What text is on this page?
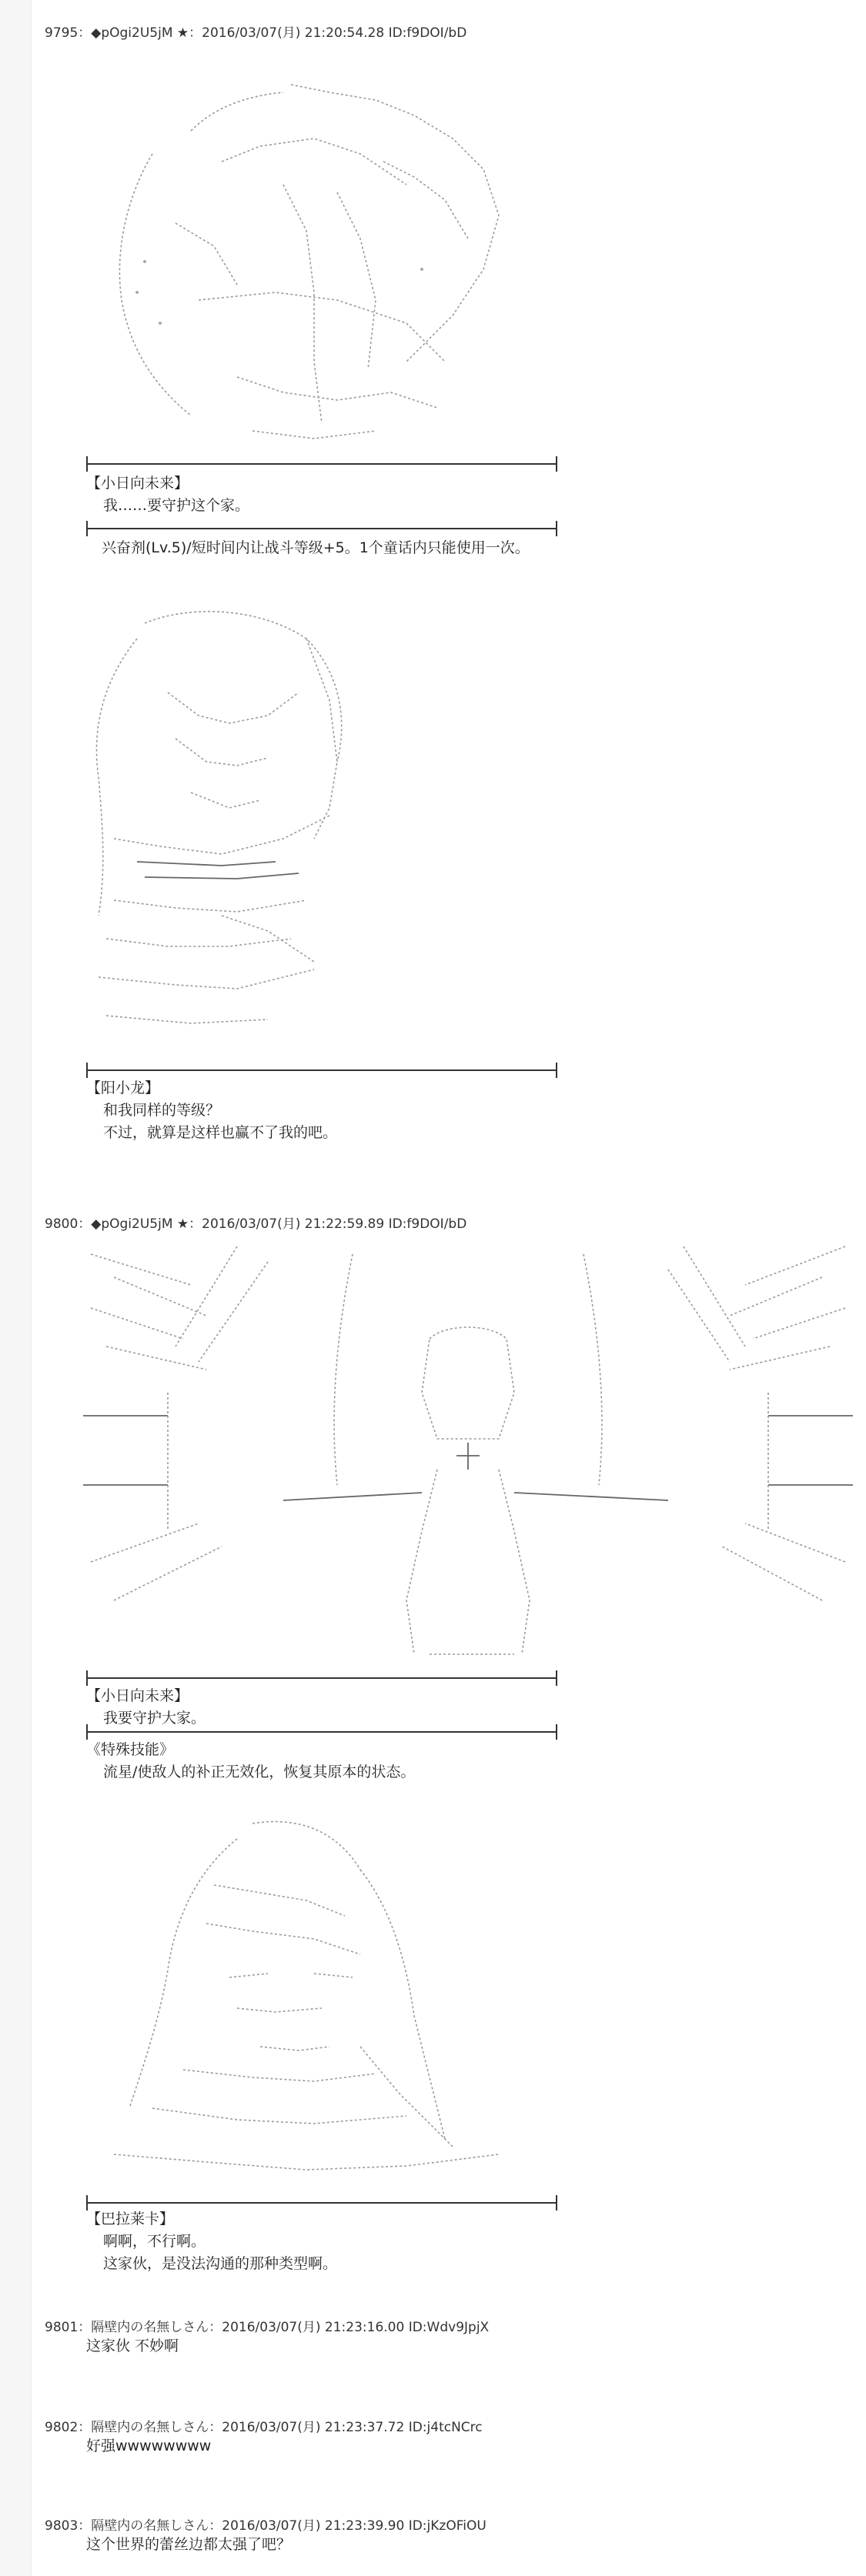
9795：◆pOgi2U5jM ★：2016/03/07(月) 21:20:54.28 ID:f9DOI/bD
【小日向未来】
我……要守护这个家。
兴奋剂(Lv.5)/短时间内让战斗等级+5。1个童话内只能使用一次。
【阳小龙】
和我同样的等级？
不过，就算是这样也赢不了我的吧。
9800：◆pOgi2U5jM ★：2016/03/07(月) 21:22:59.89 ID:f9DOI/bD
【小日向未来】
我要守护大家。
《特殊技能》
流星/使敌人的补正无效化，恢复其原本的状态。
【巴拉莱卡】
啊啊，不行啊。
这家伙，是没法沟通的那种类型啊。
9801：隔壁内の名無しさん：2016/03/07(月) 21:23:16.00 ID:Wdv9JpjX
这家伙 不妙啊
9802：隔壁内の名無しさん：2016/03/07(月) 21:23:37.72 ID:j4tcNCrc
好强wwwwwwww
9803：隔壁内の名無しさん：2016/03/07(月) 21:23:39.90 ID:jKzOFiOU
这个世界的蕾丝边都太强了吧？
